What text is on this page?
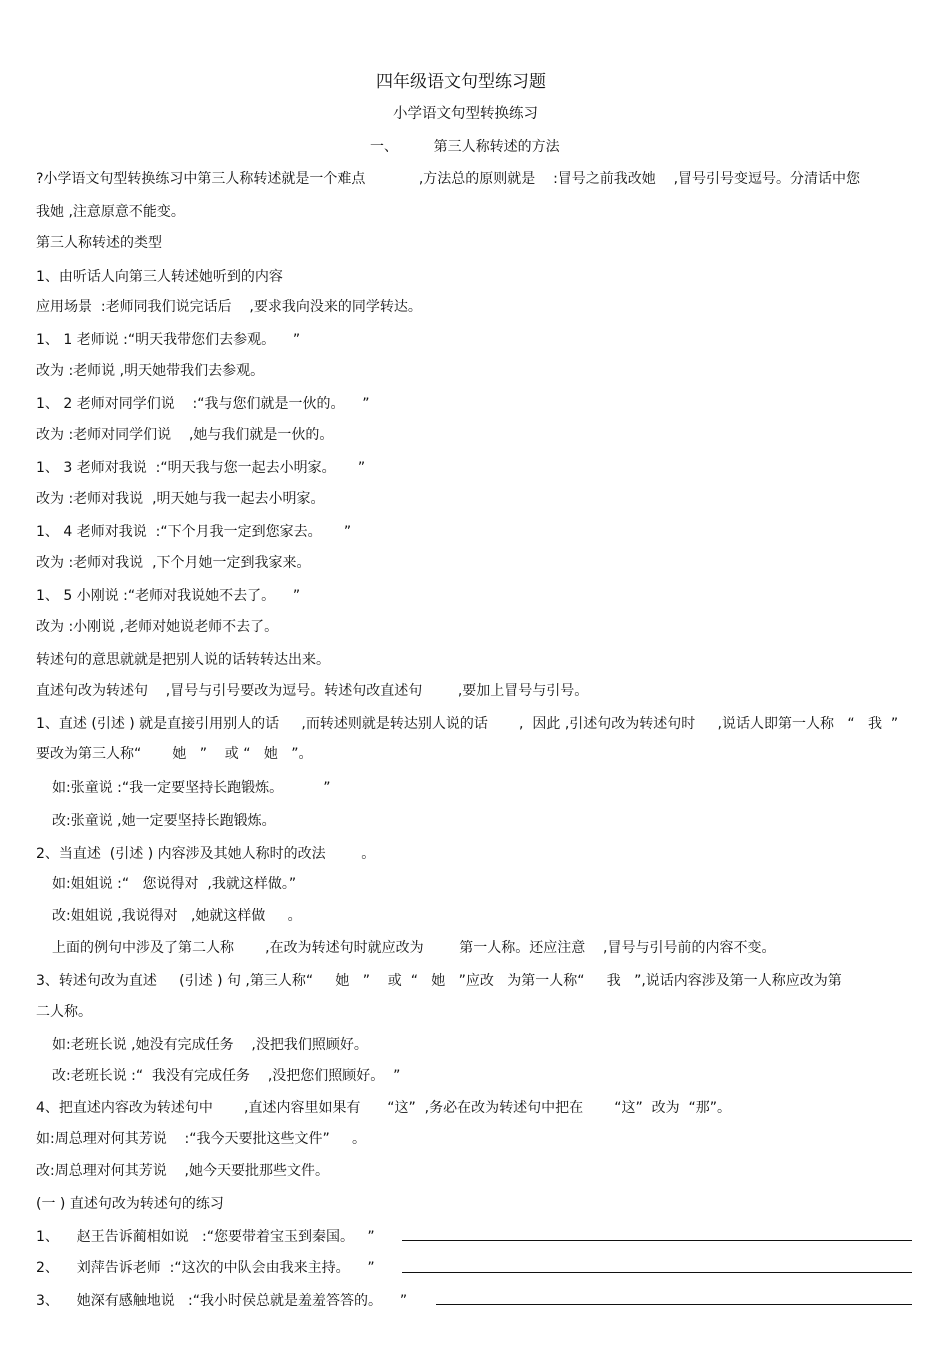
四年级语文句型练习题
小学语文句型转换练习
一、        第三人称转述的方法
?小学语文句型转换练习中第三人称转述就是一个难点            ,方法总的原则就是    :冒号之前我改她    ,冒号引号变逗号。分清话中您
我她 ,注意原意不能变。
第三人称转述的类型
1、由听话人向第三人转述她听到的内容
应用场景  :老师同我们说完话后    ,要求我向没来的同学转达。
1、 1 老师说 :“明天我带您们去参观。    ”
改为 :老师说 ,明天她带我们去参观。
1、 2 老师对同学们说    :“我与您们就是一伙的。    ”
改为 :老师对同学们说    ,她与我们就是一伙的。
1、 3 老师对我说  :“明天我与您一起去小明家。     ”
改为 :老师对我说  ,明天她与我一起去小明家。
1、 4 老师对我说  :“下个月我一定到您家去。     ”
改为 :老师对我说  ,下个月她一定到我家来。
1、 5 小刚说 :“老师对我说她不去了。    ”
改为 :小刚说 ,老师对她说老师不去了。
转述句的意思就就是把别人说的话转转达出来。
直述句改为转述句    ,冒号与引号要改为逗号。转述句改直述句        ,要加上冒号与引号。
1、直述 (引述 ) 就是直接引用别人的话     ,而转述则就是转达别人说的话       ,  因此 ,引述句改为转述句时     ,说话人即第一人称   “   我  ”
要改为第三人称“       她   ”    或 “   她   ”。
如:张童说 :“我一定要坚持长跑锻炼。         ”
改:张童说 ,她一定要坚持长跑锻炼。
2、当直述  (引述 ) 内容涉及其她人称时的改法        。
如:姐姐说 :“   您说得对  ,我就这样做。”
改:姐姐说 ,我说得对   ,她就这样做     。
上面的例句中涉及了第二人称       ,在改为转述句时就应改为        第一人称。还应注意    ,冒号与引号前的内容不变。
3、转述句改为直述     (引述 ) 句 ,第三人称“     她   ”    或  “   她   ”应改   为第一人称“     我   ”,说话内容涉及第一人称应改为第
二人称。
如:老班长说 ,她没有完成任务    ,没把我们照顾好。
改:老班长说 :“  我没有完成任务    ,没把您们照顾好。  ”
4、把直述内容改为转述句中       ,直述内容里如果有      “这”  ,务必在改为转述句中把在       “这”  改为  “那”。
如:周总理对何其芳说    :“我今天要批这些文件”     。
改:周总理对何其芳说    ,她今天要批那些文件。
(一 ) 直述句改为转述句的练习
1、    赵王告诉蔺相如说   :“您要带着宝玉到秦国。   ”
2、    刘萍告诉老师  :“这次的中队会由我来主持。    ”
3、    她深有感触地说   :“我小时侯总就是羞羞答答的。    ”
